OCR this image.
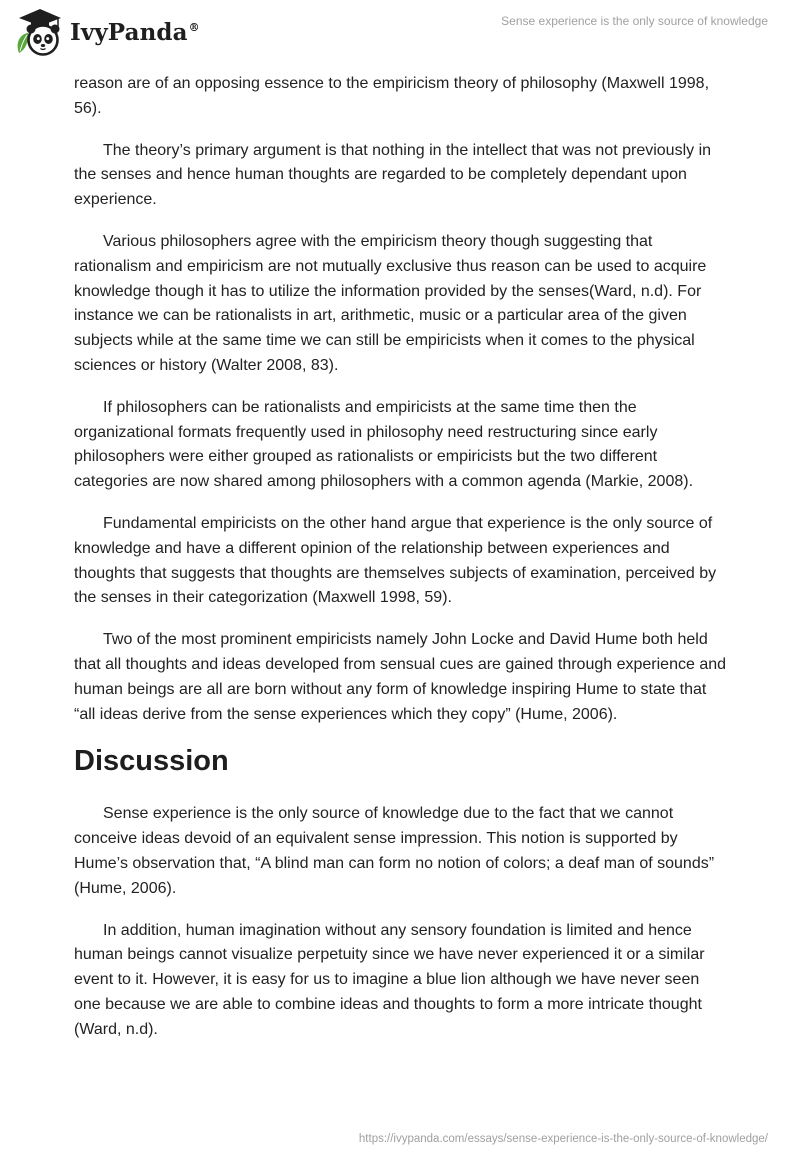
IvyPanda®	Sense experience is the only source of knowledge

reason are of an opposing essence to the empiricism theory of philosophy (Maxwell 1998, 56).

The theory’s primary argument is that nothing in the intellect that was not previously in the senses and hence human thoughts are regarded to be completely dependant upon experience.

Various philosophers agree with the empiricism theory though suggesting that rationalism and empiricism are not mutually exclusive thus reason can be used to acquire knowledge though it has to utilize the information provided by the senses(Ward, n.d). For instance we can be rationalists in art, arithmetic, music or a particular area of the given subjects while at the same time we can still be empiricists when it comes to the physical sciences or history (Walter 2008, 83).

If philosophers can be rationalists and empiricists at the same time then the organizational formats frequently used in philosophy need restructuring since early philosophers were either grouped as rationalists or empiricists but the two different categories are now shared among philosophers with a common agenda (Markie, 2008).

Fundamental empiricists on the other hand argue that experience is the only source of knowledge and have a different opinion of the relationship between experiences and thoughts that suggests that thoughts are themselves subjects of examination, perceived by the senses in their categorization (Maxwell 1998, 59).

Two of the most prominent empiricists namely John Locke and David Hume both held that all thoughts and ideas developed from sensual cues are gained through experience and human beings are all are born without any form of knowledge inspiring Hume to state that “all ideas derive from the sense experiences which they copy” (Hume, 2006).

Discussion

Sense experience is the only source of knowledge due to the fact that we cannot conceive ideas devoid of an equivalent sense impression. This notion is supported by Hume’s observation that, “A blind man can form no notion of colors; a deaf man of sounds” (Hume, 2006).

In addition, human imagination without any sensory foundation is limited and hence human beings cannot visualize perpetuity since we have never experienced it or a similar event to it. However, it is easy for us to imagine a blue lion although we have never seen one because we are able to combine ideas and thoughts to form a more intricate thought (Ward, n.d).

https://ivypanda.com/essays/sense-experience-is-the-only-source-of-knowledge/
